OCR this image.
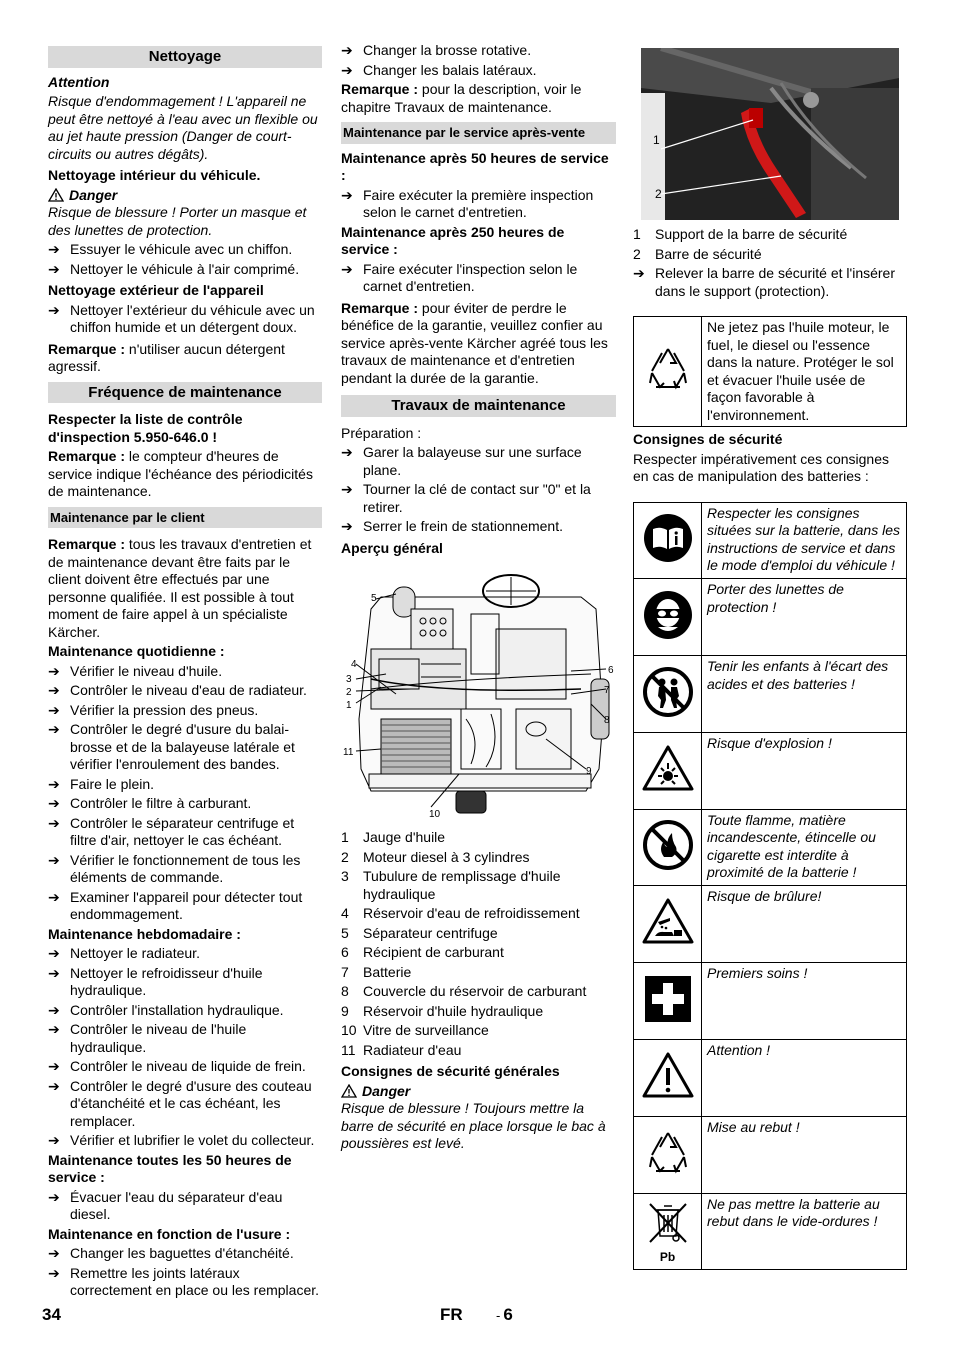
Nettoyage

Attention

Risque d'endommagement ! L'appareil ne peut être nettoyé à l'eau avec un flexible ou au jet haute pression (Danger de court-circuits ou autres dégâts).

Nettoyage intérieur du véhicule.

Danger

Risque de blessure ! Porter un masque et des lunettes de protection.

➔ Essuyer le véhicule avec un chiffon.
➔ Nettoyer le véhicule à l'air comprimé.

Nettoyage extérieur de l'appareil

➔ Nettoyer l'extérieur du véhicule avec un chiffon humide et un détergent doux.

Remarque : n'utiliser aucun détergent agressif.

Fréquence de maintenance

Respecter la liste de contrôle d'inspection 5.950-646.0 !

Remarque : le compteur d'heures de service indique l'échéance des périodicités de maintenance.

Maintenance par le client

Remarque : tous les travaux d'entretien et de maintenance devant être faits par le client doivent être effectués par une personne qualifiée. Il est possible à tout moment de faire appel à un spécialiste Kärcher.

Maintenance quotidienne :

➔ Vérifier le niveau d'huile.
➔ Contrôler le niveau d'eau de radiateur.
➔ Vérifier la pression des pneus.
➔ Contrôler le degré d'usure du balai-brosse et de la balayeuse latérale et vérifier l'enroulement des bandes.
➔ Faire le plein.
➔ Contrôler le filtre à carburant.
➔ Contrôler le séparateur centrifuge et filtre d'air, nettoyer le cas échéant.
➔ Vérifier le fonctionnement de tous les éléments de commande.
➔ Examiner l'appareil pour détecter tout endommagement.

Maintenance hebdomadaire :

➔ Nettoyer le radiateur.
➔ Nettoyer le refroidisseur d'huile hydraulique.
➔ Contrôler l'installation hydraulique.
➔ Contrôler le niveau de l'huile hydraulique.
➔ Contrôler le niveau de liquide de frein.
➔ Contrôler le degré d'usure des couteau d'étanchéité et le cas échéant, les remplacer.
➔ Vérifier et lubrifier le volet du collecteur.

Maintenance toutes les 50 heures de service :

➔ Évacuer l'eau du séparateur d'eau diesel.

Maintenance en fonction de l'usure :

➔ Changer les baguettes d'étanchéité.
➔ Remettre les joints latéraux correctement en place ou les remplacer.
➔ Changer la brosse rotative.
➔ Changer les balais latéraux.

Remarque : pour la description, voir le chapitre Travaux de maintenance.

Maintenance par le service après-vente

Maintenance après 50 heures de service :

➔ Faire exécuter la première inspection selon le carnet d'entretien.

Maintenance après 250 heures de service :

➔ Faire exécuter l'inspection selon le carnet d'entretien.

Remarque : pour éviter de perdre le bénéfice de la garantie, veuillez confier au service après-vente Kärcher agréé tous les travaux de maintenance et d'entretien pendant la durée de la garantie.

Travaux de maintenance

Préparation :

➔ Garer la balayeuse sur une surface plane.
➔ Tourner la clé de contact sur "0" et la retirer.
➔ Serrer le frein de stationnement.

Aperçu général

5
4
3
2
1
6
7
8
9
10
11
1 Jauge d'huile
2 Moteur diesel à 3 cylindres
3 Tubulure de remplissage d'huile hydraulique
4 Réservoir d'eau de refroidissement
5 Séparateur centrifuge
6 Récipient de carburant
7 Batterie
8 Couvercle du réservoir de carburant
9 Réservoir d'huile hydraulique
10 Vitre de surveillance
11 Radiateur d'eau

Consignes de sécurité générales

Danger

Risque de blessure ! Toujours mettre la barre de sécurité en place lorsque le bac à poussières est levé.

1
2
1 Support de la barre de sécurité
2 Barre de sécurité
➔ Relever la barre de sécurité et l'insérer dans le support (protection).
	Ne jetez pas l'huile moteur, le fuel, le diesel ou l'essence dans la nature. Protéger le sol et évacuer l'huile usée de façon favorable à l'environnement.

Consignes de sécurité

Respecter impérativement ces consignes en cas de manipulation des batteries :

	Respecter les consignes situées sur la batterie, dans les instructions de service et dans le mode d'emploi du véhicule !
	Porter des lunettes de protection !
	Tenir les enfants à l'écart des acides et des batteries !
	Risque d'explosion !
	Toute flamme, matière incandescente, étincelle ou cigarette est interdite à proximité de la batterie !
	Risque de brûlure!
	Premiers soins !
	Attention !
	Mise au rebut !

Pb	Ne pas mettre la batterie au rebut dans le vide-ordures !
34	FR	- 6
